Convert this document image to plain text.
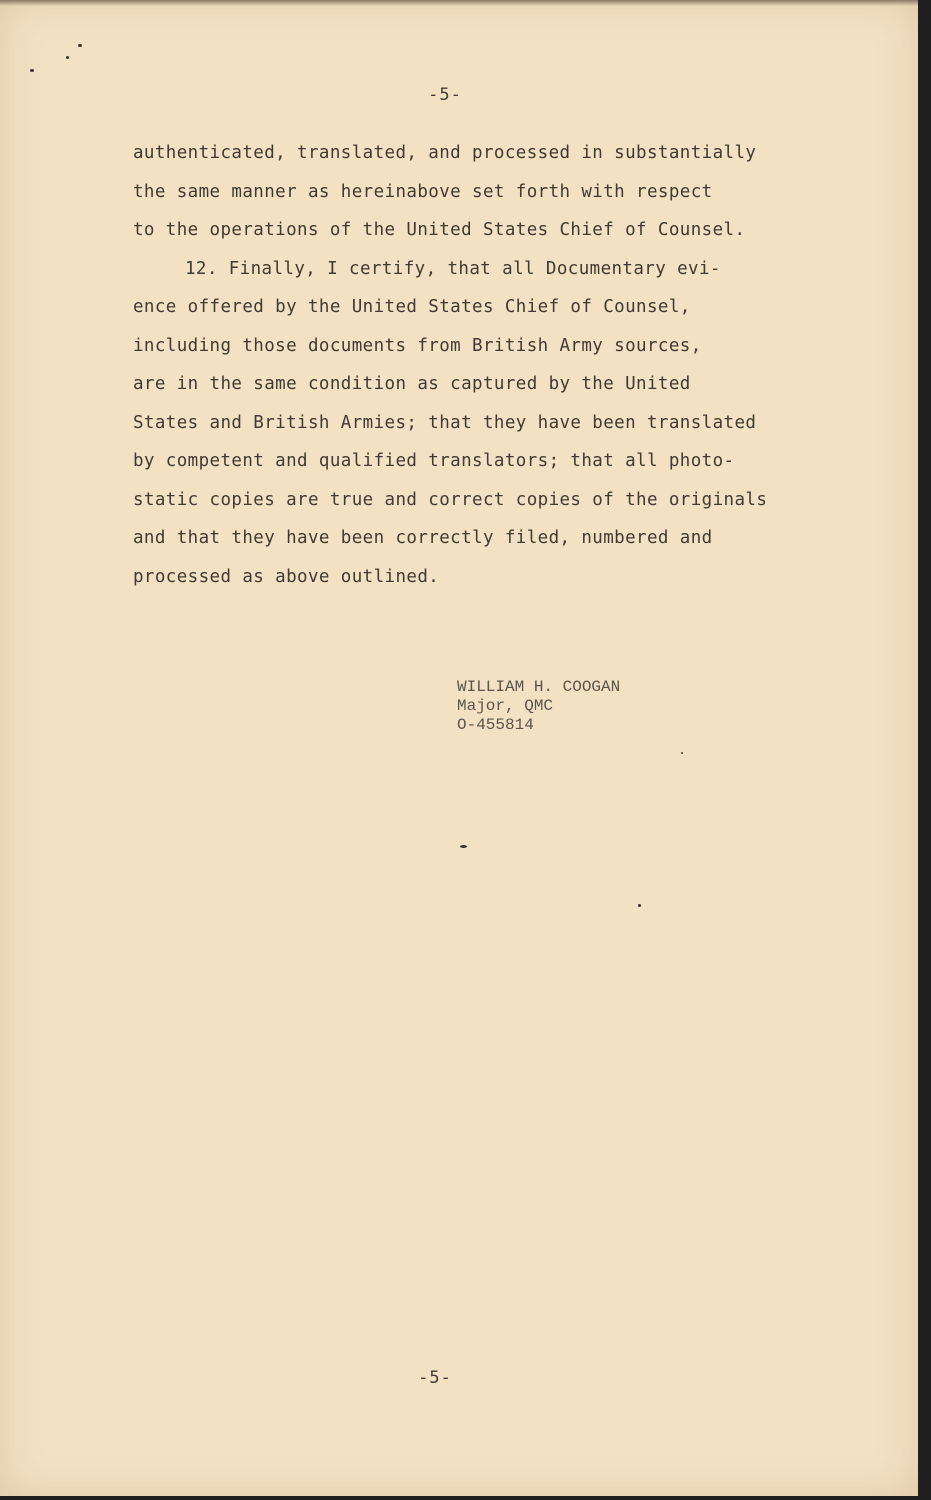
-5-
authenticated, translated, and processed in substantially
the same manner as hereinabove set forth with respect
to the operations of the United States Chief of Counsel.
12. Finally, I certify, that all Documentary evi-
ence offered by the United States Chief of Counsel,
including those documents from British Army sources,
are in the same condition as captured by the United
States and British Armies; that they have been translated
by competent and qualified translators; that all photo-
static copies are true and correct copies of the originals
and that they have been correctly filed, numbered and
processed as above outlined.
WILLIAM H. COOGAN
Major, QMC
O-455814
-5-
